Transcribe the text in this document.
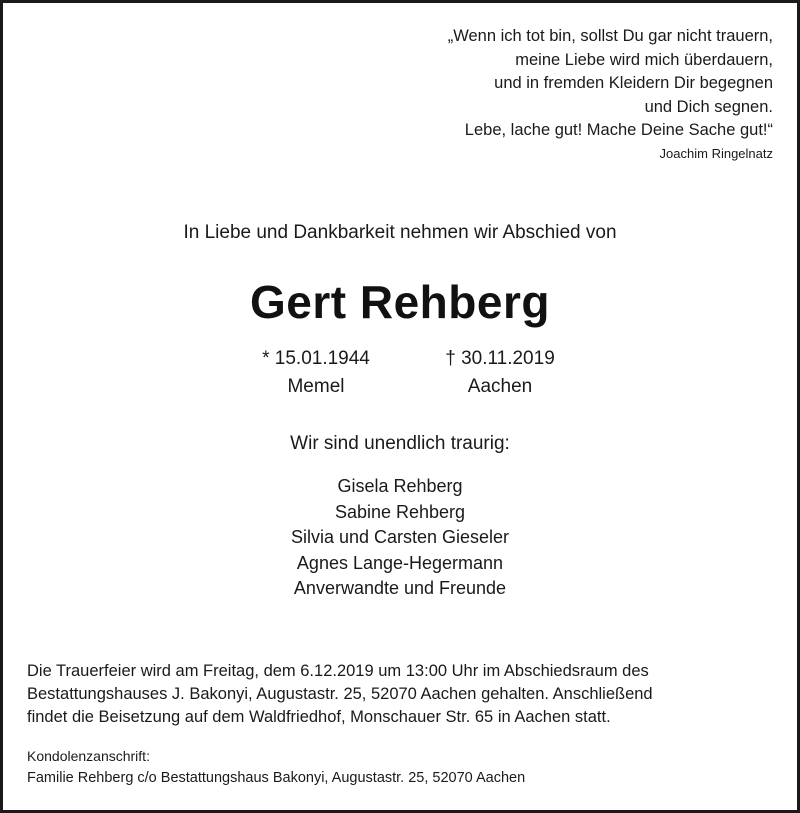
„Wenn ich tot bin, sollst Du gar nicht trauern,
meine Liebe wird mich überdauern,
und in fremden Kleidern Dir begegnen
und Dich segnen.
Lebe, lache gut! Mache Deine Sache gut!“
Joachim Ringelnatz
In Liebe und Dankbarkeit nehmen wir Abschied von
Gert Rehberg
* 15.01.1944
Memel
† 30.11.2019
Aachen
Wir sind unendlich traurig:
Gisela Rehberg
Sabine Rehberg
Silvia und Carsten Gieseler
Agnes Lange-Hegermann
Anverwandte und Freunde
Die Trauerfeier wird am Freitag, dem 6.12.2019 um 13:00 Uhr im Abschiedsraum des
Bestattungshauses J. Bakonyi, Augustastr. 25, 52070 Aachen gehalten. Anschließend
findet die Beisetzung auf dem Waldfriedhof, Monschauer Str. 65 in Aachen statt.
Kondolenzanschrift:
Familie Rehberg c/o Bestattungshaus Bakonyi, Augustastr. 25, 52070 Aachen
